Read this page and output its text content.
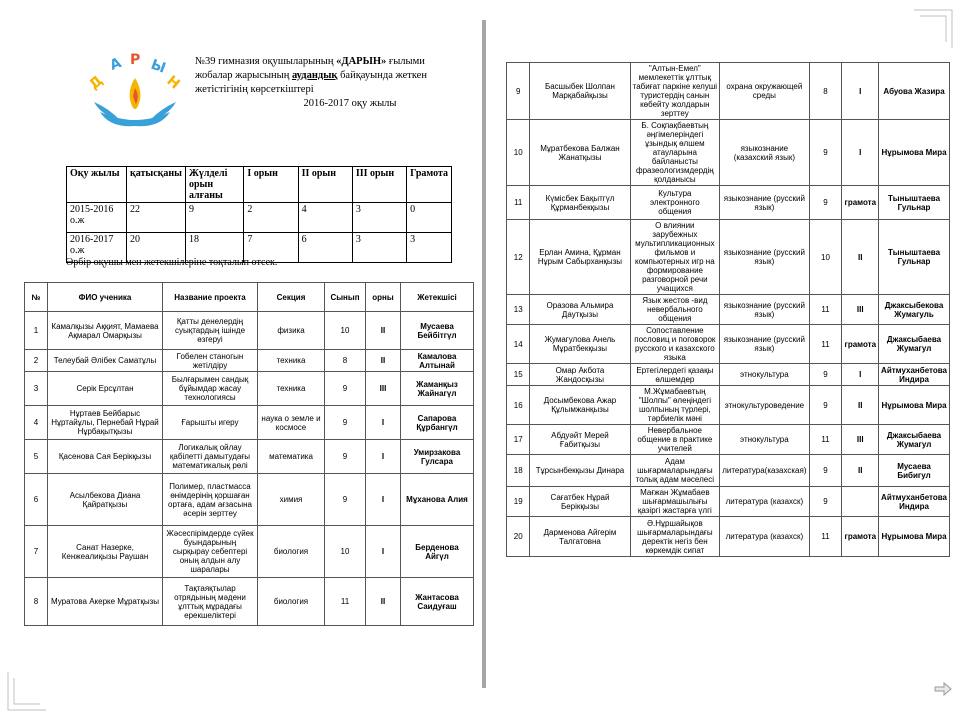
Д
А Р Ы
Н
№39 гимназия оқушыларының «ДАРЫН» ғылыми
жобалар жарысының аудандық байқауында жеткен
жетістігінің көрсеткіштері
2016-2017 оқу жылы
Оқу жылы	қатысқаны	Жүлделі орын алғаны	I орын	II орын	III орын	Грамота
2015-2016 о.ж	22	9	2	4	3	0
2016-2017 о.ж	20	18	7	6	3	3
Әрбір оқушы мен жетекшілеріне тоқталып өтсек.
№	ФИО ученика	Название проекта	Секция	Сынып	орны	Жетекшісі
1	Камалқызы Аққият, Мамаева Ақмарал Омарқызы	Қатты денелердің суықтардың ішінде өзгеруі	физика	10	II	Мусаева Бейбітгүл
2	Телеубай Әлібек Саматұлы	Гобелен станогын жетілдіру	техника	8	II	Камалова Алтынай
3	Серік Ерсұлтан	Былғарымен сандық бұйымдар жасау технологиясы	техника	9	III	Жаманқыз Жайнагүл
4	Нұртаев Бейбарыс Нұртайұлы, Пернебай Нұрай Нұрбақытқызы	Ғарышты игеру	наука о земле и космосе	9	I	Сапарова Құрбангүл
5	Қасенова Сая Берікқызы	Логикалық ойлау қабілетті дамытудағы математикалық рөлі	математика	9	I	Умирзакова Гулсара
6	Асылбекова Диана Қайратқызы	Полимер, пластмасса өнімдерінің қоршаған ортаға, адам ағзасына әсерін зерттеу	химия	9	I	Мұханова Алия
7	Санат Назерке, Кенжеалиқызы Раушан	Жәсеспірімдерде сүйек буындарының сырқырау себептері оның алдын алу шаралары	биология	10	I	Берденова Айгүл
8	Муратова Акерке Мұратқызы	Тақтаяқтылар отрядының мәдени ұлттық мұрадағы ерекшеліктері	биология	11	II	Жантасова Саидуғаш
9	Басшыбек Шолпан Марқабайқызы	"Алтын-Емел" мемлекеттік ұлттық табиғат паркіне келуші туристердің санын көбейту жолдарын зерттеу	охрана окружающей среды	8	I	Абуова Жазира
10	Мұратбекова Балжан Жанатқызы	Б. Соқпақбаевтың әңгімелеріндегі ұзындық өлшем атауларына байланысты фразеологизмдердің қолданысы	языкознание (казахский язык)	9	I	Нұрымова Мира
11	Күмісбек Бақытгүл Құрманбекқызы	Культура электронного общения	языкознание (русский язык)	9	грамота	Тыныштаева Гульнар
12	Ерлан Амина, Құрман Нұрым Сабырханқызы	О влиянии зарубежных мультипликационных фильмов и компьютерных игр на формирование разговорной речи учащихся	языкознание (русский язык)	10	II	Тыныштаева Гульнар
13	Оразова Альмира Даутқызы	Язык жестов -вид невербального общения	языкознание (русский язык)	11	III	Джаксыбекова Жумагуль
14	Жумагулова Анель Мұратбекқызы	Сопоставление пословиц и поговорок русского и казахского языка	языкознание (русский язык)	11	грамота	Джаксыбаева Жумагул
15	Омар Акбота Жандосқызы	Ертегілердегі қазақы өлшемдер	этнокультура	9	I	Айтмуханбетова Индира
16	Досымбекова Ажар Құлымжанқызы	М.Жұмабаевтың "Шолпы" өлеңіндегі шолпының түрлері, тәрбиелік мәні	этнокультуроведение	9	II	Нұрымова Мира
17	Абдуәйт Мерей Ғабитқызы	Невербальное общение в практике учителей	этнокультура	11	III	Джаксыбаева Жумагул
18	Тұрсынбекқызы Динара	Адам шығармаларындағы толық адам мәселесі	литература(казахская)	9	II	Мусаева Бибигул
19	Сағатбек Нұрай Берікқызы	Мағжан Жұмабаев шығармашылығы қазіргі жастарға үлгі	литература (казахск)	9		Айтмуханбетова Индира
20	Дарменова Айгерім Талгатовна	Ә.Нұршайықов шығармаларындағы деректік негіз бен көркемдік сипат	литература (казахск)	11	грамота	Нұрымова Мира
